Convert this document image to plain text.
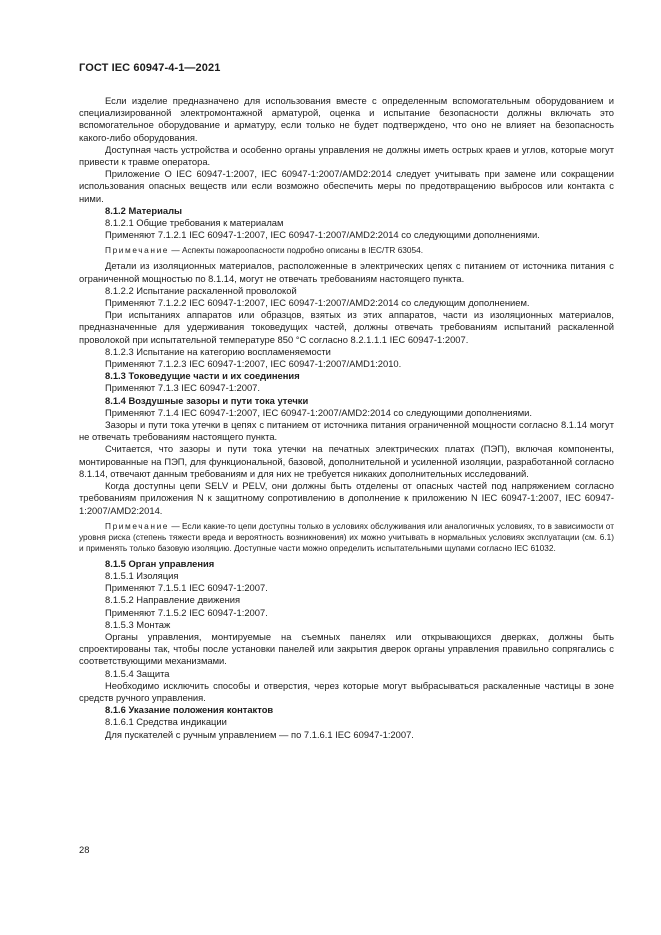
ГОСТ IEC 60947-4-1—2021

Если изделие предназначено для использования вместе с определенным вспомогательным оборудованием и специализированной электромонтажной арматурой, оценка и испытание безопасности должны включать это вспомогательное оборудование и арматуру, если только не будет подтверждено, что оно не влияет на безопасность какого-либо оборудования.

Доступная часть устройства и особенно органы управления не должны иметь острых краев и углов, которые могут привести к травме оператора.

Приложение О IEC 60947-1:2007, IEC 60947-1:2007/AMD2:2014 следует учитывать при замене или сокращении использования опасных веществ или если возможно обеспечить меры по предотвращению выбросов или контакта с ними.

8.1.2 Материалы

8.1.2.1 Общие требования к материалам

Применяют 7.1.2.1 IEC 60947-1:2007, IEC 60947-1:2007/AMD2:2014 со следующими дополнениями.

Примечание — Аспекты пожароопасности подробно описаны в IEC/TR 63054.

Детали из изоляционных материалов, расположенные в электрических цепях с питанием от источника питания с ограниченной мощностью по 8.1.14, могут не отвечать требованиям настоящего пункта.

8.1.2.2 Испытание раскаленной проволокой

Применяют 7.1.2.2 IEC 60947-1:2007, IEC 60947-1:2007/AMD2:2014 со следующим дополнением.

При испытаниях аппаратов или образцов, взятых из этих аппаратов, части из изоляционных материалов, предназначенные для удерживания токоведущих частей, должны отвечать требованиям испытаний раскаленной проволокой при испытательной температуре 850 °С согласно 8.2.1.1.1 IEC 60947-1:2007.

8.1.2.3 Испытание на категорию воспламеняемости

Применяют 7.1.2.3 IEC 60947-1:2007, IEC 60947-1:2007/AMD1:2010.

8.1.3 Токоведущие части и их соединения

Применяют 7.1.3 IEC 60947-1:2007.

8.1.4 Воздушные зазоры и пути тока утечки

Применяют 7.1.4 IEC 60947-1:2007, IEC 60947-1:2007/AMD2:2014 со следующими дополнениями.

Зазоры и пути тока утечки в цепях с питанием от источника питания ограниченной мощности согласно 8.1.14 могут не отвечать требованиям настоящего пункта.

Считается, что зазоры и пути тока утечки на печатных электрических платах (ПЭП), включая компоненты, монтированные на ПЭП, для функциональной, базовой, дополнительной и усиленной изоляции, разработанной согласно 8.1.14, отвечают данным требованиям и для них не требуется никаких дополнительных исследований.

Когда доступны цепи SELV и PELV, они должны быть отделены от опасных частей под напряжением согласно требованиям приложения N к защитному сопротивлению в дополнение к приложению N IEC 60947-1:2007, IEC 60947-1:2007/AMD2:2014.

Примечание — Если какие-то цепи доступны только в условиях обслуживания или аналогичных условиях, то в зависимости от уровня риска (степень тяжести вреда и вероятность возникновения) их можно учитывать в нормальных условиях эксплуатации (см. 6.1) и применять только базовую изоляцию. Доступные части можно определить испытательными щупами согласно IEC 61032.

8.1.5 Орган управления

8.1.5.1 Изоляция

Применяют 7.1.5.1 IEC 60947-1:2007.

8.1.5.2 Направление движения

Применяют 7.1.5.2 IEC 60947-1:2007.

8.1.5.3 Монтаж

Органы управления, монтируемые на съемных панелях или открывающихся дверках, должны быть спроектированы так, чтобы после установки панелей или закрытия дверок органы управления правильно сопрягались с соответствующими механизмами.

8.1.5.4 Защита

Необходимо исключить способы и отверстия, через которые могут выбрасываться раскаленные частицы в зоне средств ручного управления.

8.1.6 Указание положения контактов

8.1.6.1 Средства индикации

Для пускателей с ручным управлением — по 7.1.6.1 IEC 60947-1:2007.

28
